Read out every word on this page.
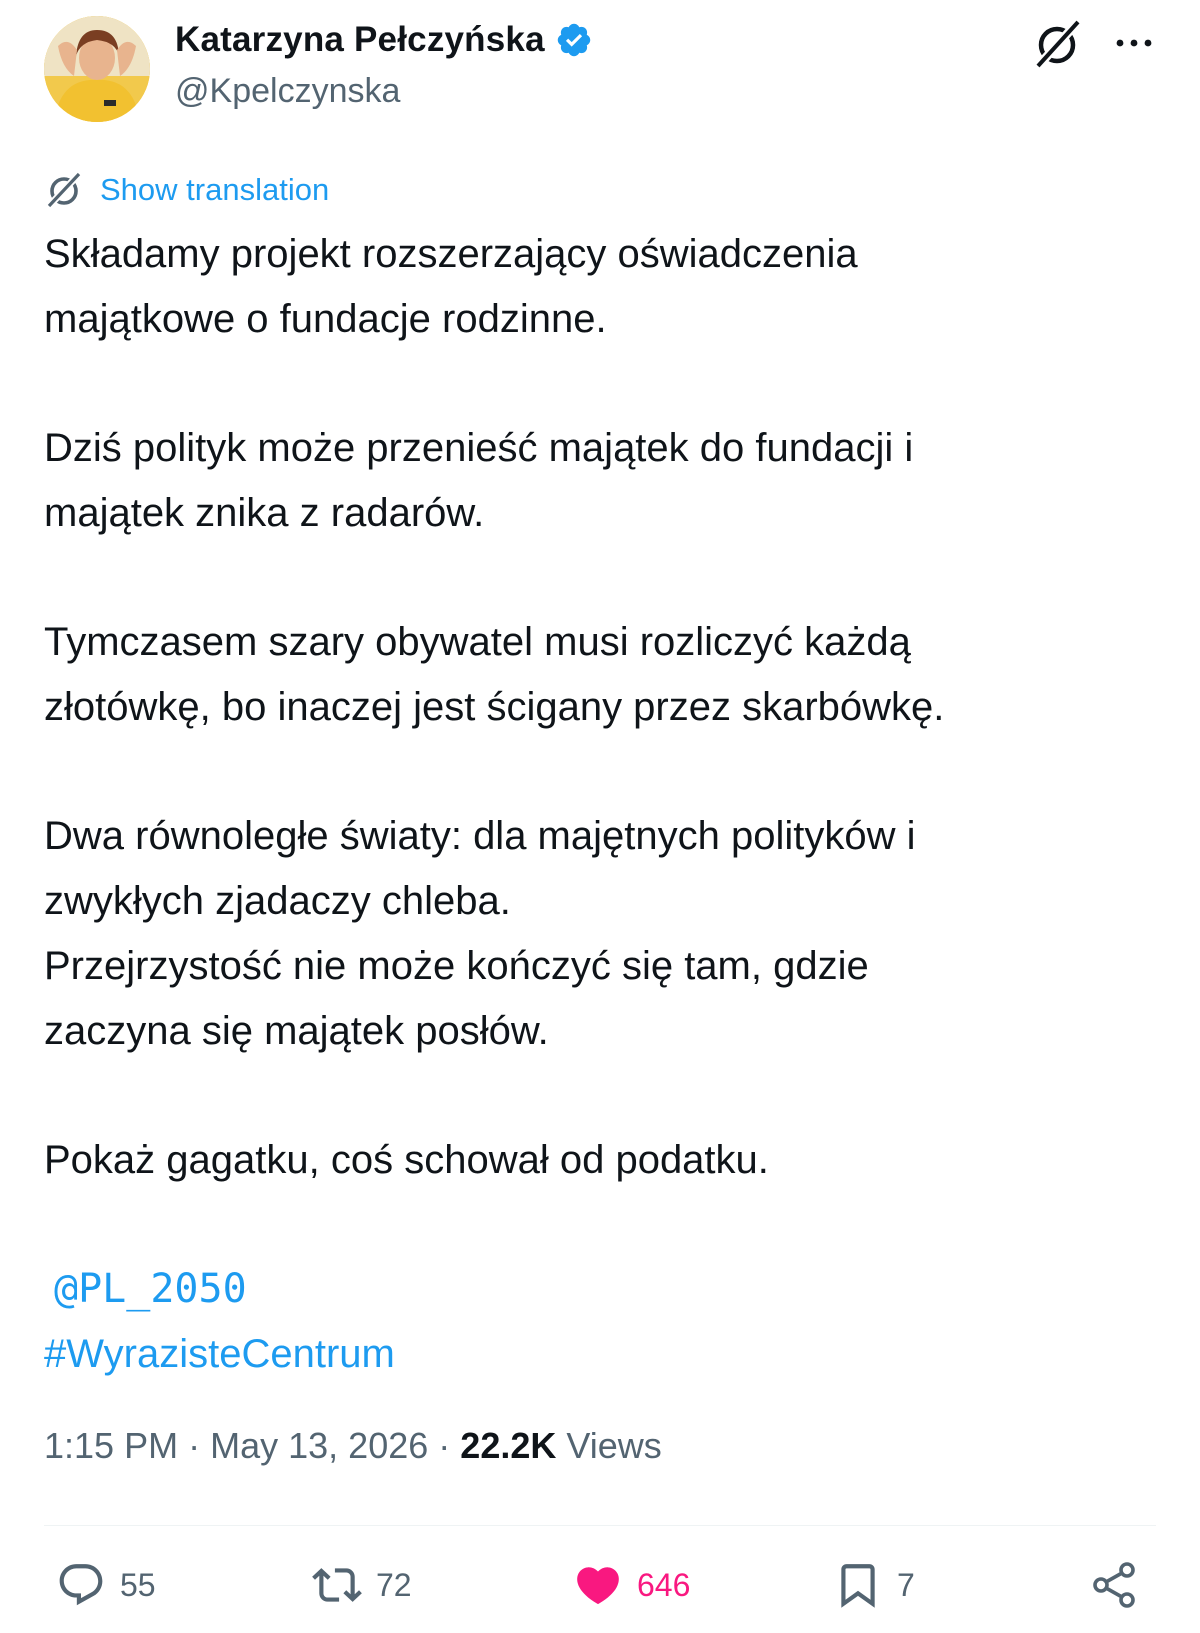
Katarzyna Pełczyńska
@Kpelczynska
Show translation
Składamy projekt rozszerzający oświadczenia
majątkowe o fundacje rodzinne.
Dziś polityk może przenieść majątek do fundacji i
majątek znika z radarów.
Tymczasem szary obywatel musi rozliczyć każdą
złotówkę, bo inaczej jest ścigany przez skarbówkę.
Dwa równoległe światy: dla majętnych polityków i
zwykłych zjadaczy chleba.
Przejrzystość nie może kończyć się tam, gdzie
zaczyna się majątek posłów.
Pokaż gagatku, coś schował od podatku.
@PL_2050
#WyrazisteCentrum
1:15 PM · May 13, 2026 · 22.2K Views
55	72	646	7
